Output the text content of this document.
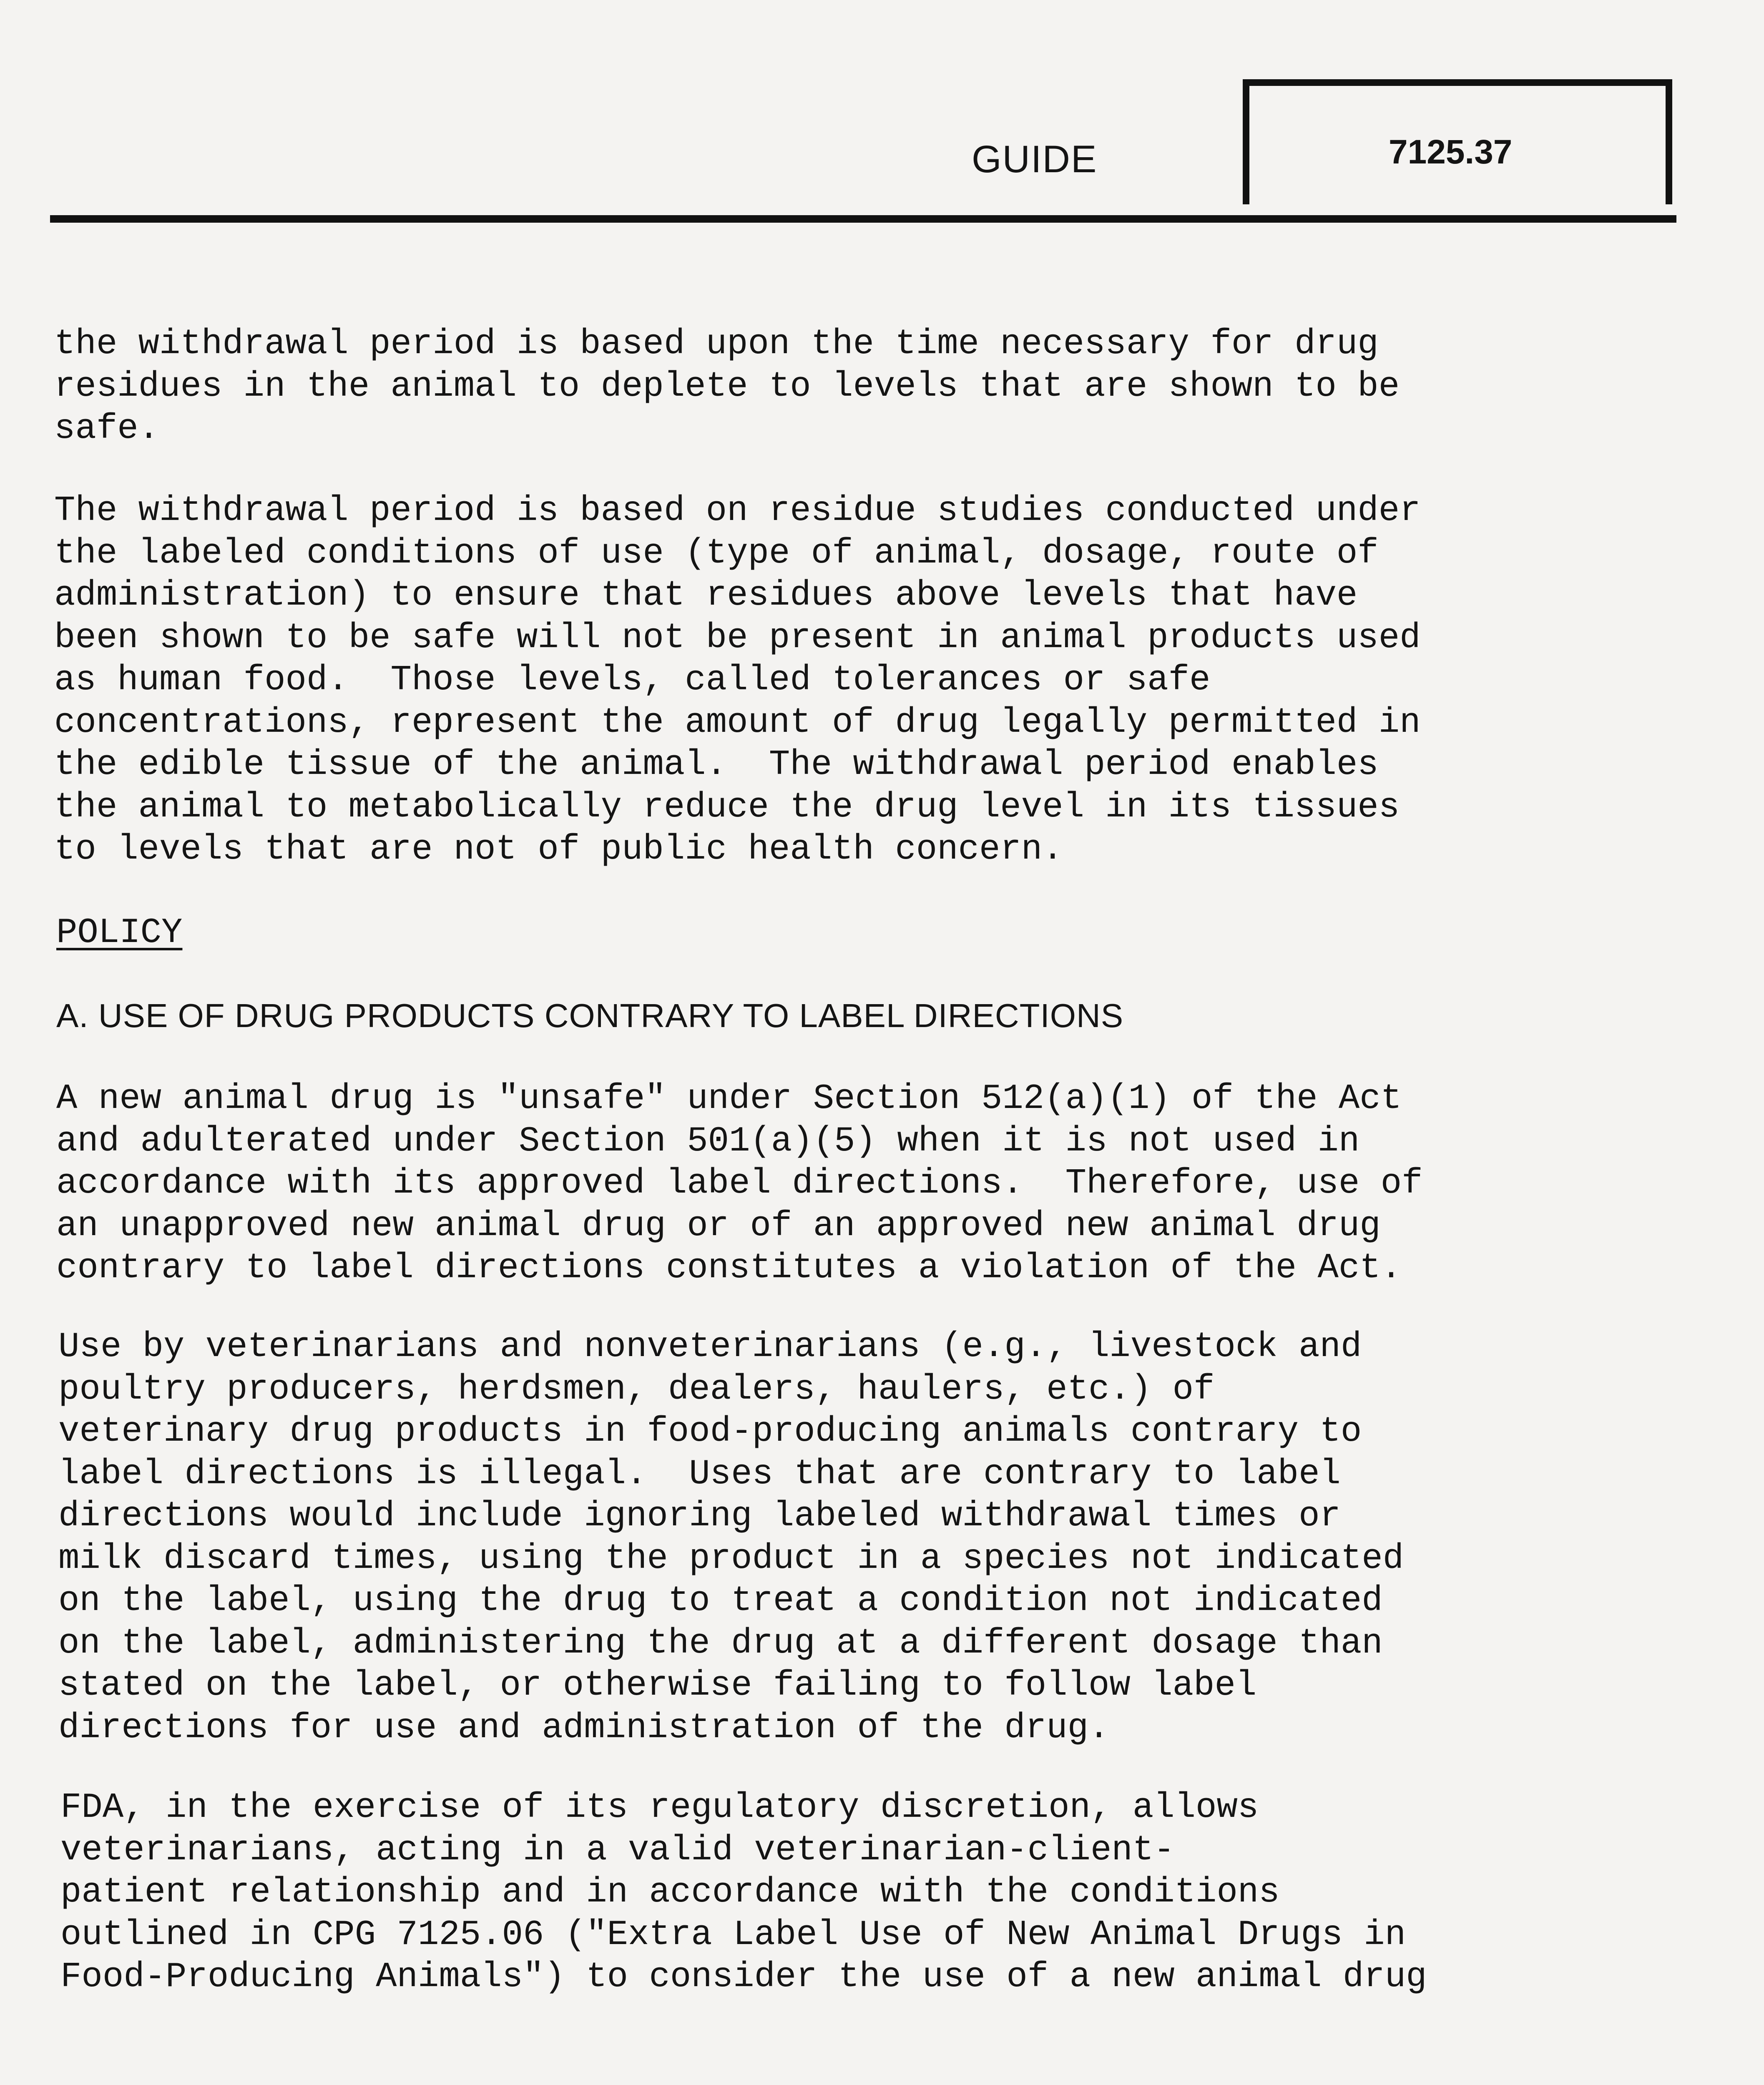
GUIDE	7125.37
the withdrawal period is based upon the time necessary for drug
residues in the animal to deplete to levels that are shown to be
safe.
The withdrawal period is based on residue studies conducted under
the labeled conditions of use (type of animal, dosage, route of
administration) to ensure that residues above levels that have
been shown to be safe will not be present in animal products used
as human food.  Those levels, called tolerances or safe
concentrations, represent the amount of drug legally permitted in
the edible tissue of the animal.  The withdrawal period enables
the animal to metabolically reduce the drug level in its tissues
to levels that are not of public health concern.
POLICY
A. USE OF DRUG PRODUCTS CONTRARY TO LABEL DIRECTIONS
A new animal drug is "unsafe" under Section 512(a)(1) of the Act
and adulterated under Section 501(a)(5) when it is not used in
accordance with its approved label directions.  Therefore, use of
an unapproved new animal drug or of an approved new animal drug
contrary to label directions constitutes a violation of the Act.
Use by veterinarians and nonveterinarians (e.g., livestock and
poultry producers, herdsmen, dealers, haulers, etc.) of
veterinary drug products in food-producing animals contrary to
label directions is illegal.  Uses that are contrary to label
directions would include ignoring labeled withdrawal times or
milk discard times, using the product in a species not indicated
on the label, using the drug to treat a condition not indicated
on the label, administering the drug at a different dosage than
stated on the label, or otherwise failing to follow label
directions for use and administration of the drug.
FDA, in the exercise of its regulatory discretion, allows
veterinarians, acting in a valid veterinarian-client-
patient relationship and in accordance with the conditions
outlined in CPG 7125.06 ("Extra Label Use of New Animal Drugs in
Food-Producing Animals") to consider the use of a new animal drug
